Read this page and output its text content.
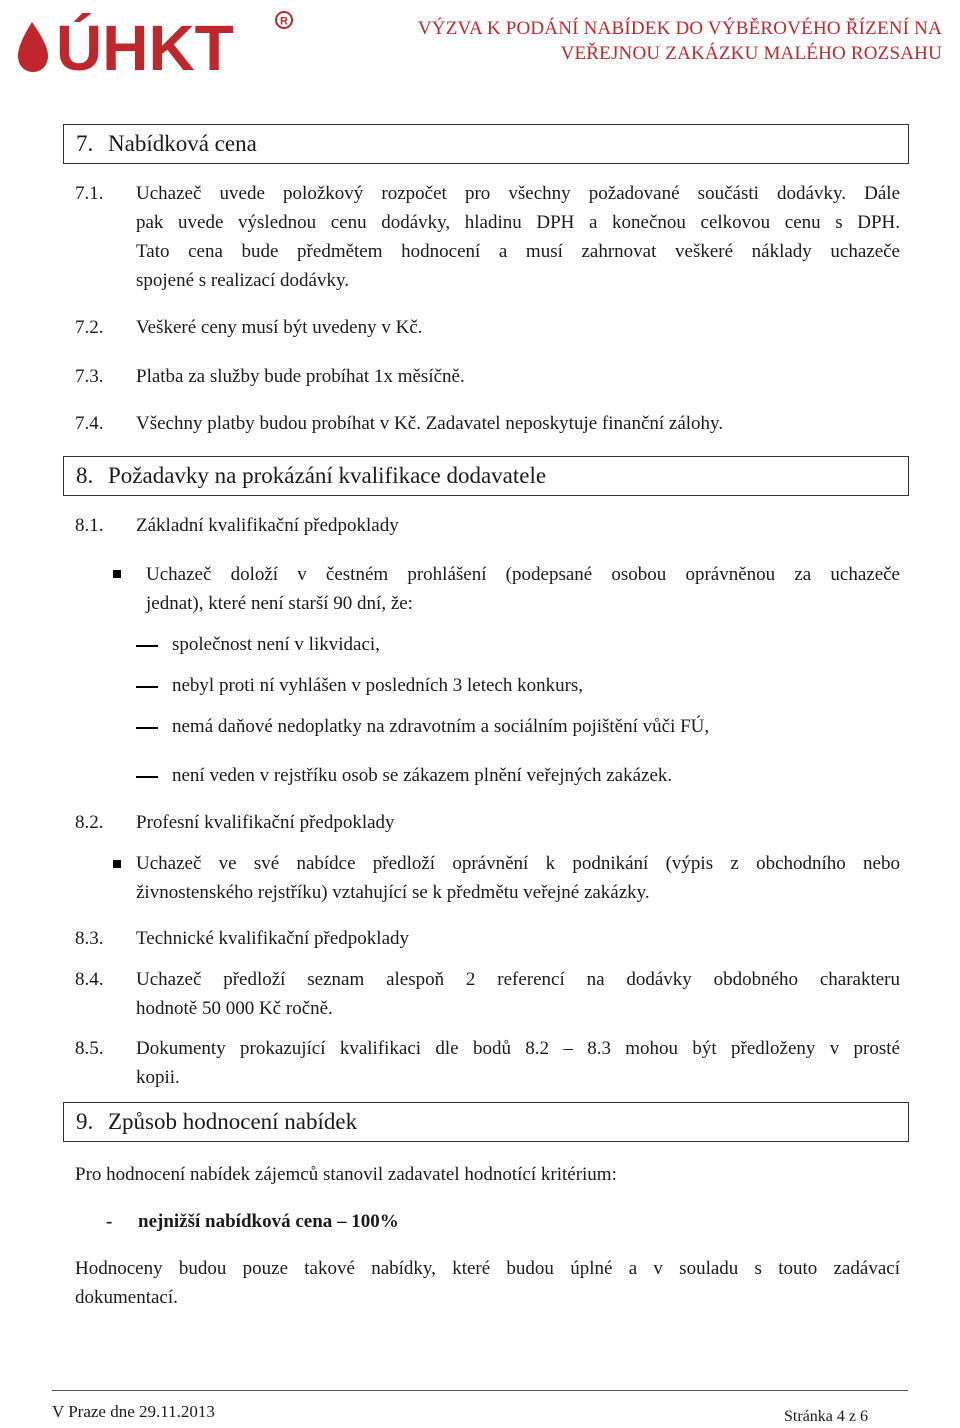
ÚHKT	R	VÝZVA K PODÁNÍ NABÍDEK DO VÝBĚROVÉHO ŘÍZENÍ NA
VEŘEJNOU ZAKÁZKU MALÉHO ROZSAHU
7. Nabídková cena
7.1. Uchazeč uvede položkový rozpočet pro všechny požadované součásti dodávky. Dále
pak uvede výslednou cenu dodávky, hladinu DPH a konečnou celkovou cenu s DPH.
Tato cena bude předmětem hodnocení a musí zahrnovat veškeré náklady uchazeče
spojené s realizací dodávky.
7.2. Veškeré ceny musí být uvedeny v Kč.
7.3. Platba za služby bude probíhat 1x měsíčně.
7.4. Všechny platby budou probíhat v Kč. Zadavatel neposkytuje finanční zálohy.
8. Požadavky na prokázání kvalifikace dodavatele
8.1. Základní kvalifikační předpoklady
Uchazeč doloží v čestném prohlášení (podepsané osobou oprávněnou za uchazeče
jednat), které není starší 90 dní, že:
společnost není v likvidaci,
nebyl proti ní vyhlášen v posledních 3 letech konkurs,
nemá daňové nedoplatky na zdravotním a sociálním pojištění vůči FÚ,
není veden v rejstříku osob se zákazem plnění veřejných zakázek.
8.2. Profesní kvalifikační předpoklady
Uchazeč ve své nabídce předloží oprávnění k podnikání (výpis z obchodního nebo
živnostenského rejstříku) vztahující se k předmětu veřejné zakázky.
8.3. Technické kvalifikační předpoklady
8.4. Uchazeč předloží seznam alespoň 2 referencí na dodávky obdobného charakteru
hodnotě 50 000 Kč ročně.
8.5. Dokumenty prokazující kvalifikaci dle bodů 8.2 – 8.3 mohou být předloženy v prosté
kopii.
9. Způsob hodnocení nabídek
Pro hodnocení nabídek zájemců stanovil zadavatel hodnotící kritérium:
- nejnižší nabídková cena – 100%
Hodnoceny budou pouze takové nabídky, které budou úplné a v souladu s touto zadávací
dokumentací.
V Praze dne 29.11.2013	Stránka 4 z 6
